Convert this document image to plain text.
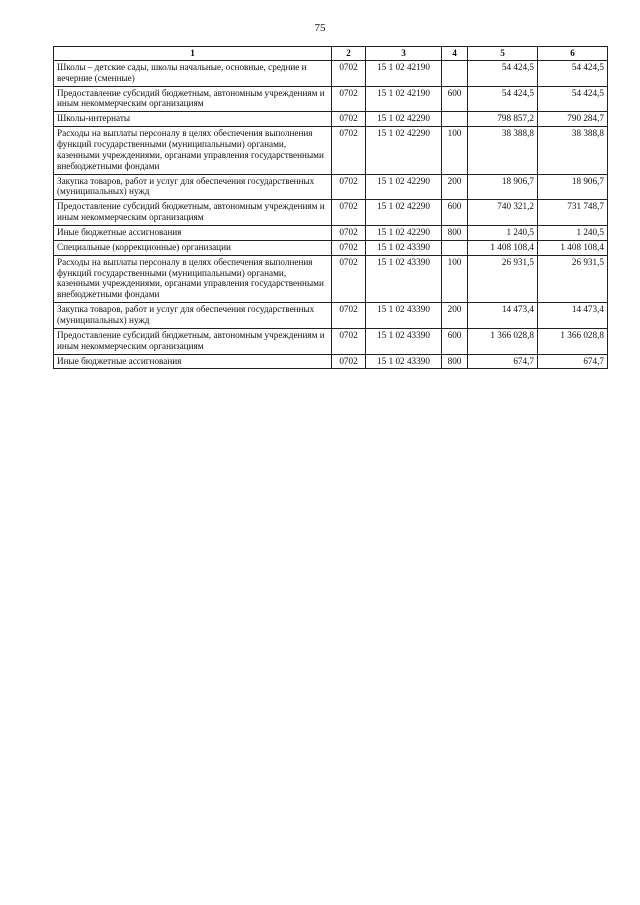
75
1	2	3	4	5	6
Школы – детские сады, школы начальные, основные, средние и вечерние (сменные)	0702	15 1 02 42190		54 424,5	54 424,5
Предоставление субсидий бюджетным, автономным учреждениям и иным некоммерческим организациям	0702	15 1 02 42190	600	54 424,5	54 424,5
Школы-интернаты	0702	15 1 02 42290		798 857,2	790 284,7
Расходы на выплаты персоналу в целях обеспечения выполнения функций государственными (муниципальными) органами, казенными учреждениями, органами управления государственными внебюджетными фондами	0702	15 1 02 42290	100	38 388,8	38 388,8
Закупка товаров, работ и услуг для обеспечения государственных (муниципальных) нужд	0702	15 1 02 42290	200	18 906,7	18 906,7
Предоставление субсидий бюджетным, автономным учреждениям и иным некоммерческим организациям	0702	15 1 02 42290	600	740 321,2	731 748,7
Иные бюджетные ассигнования	0702	15 1 02 42290	800	1 240,5	1 240,5
Специальные (коррекционные) организации	0702	15 1 02 43390		1 408 108,4	1 408 108,4
Расходы на выплаты персоналу в целях обеспечения выполнения функций государственными (муниципальными) органами, казенными учреждениями, органами управления государственными внебюджетными фондами	0702	15 1 02 43390	100	26 931,5	26 931,5
Закупка товаров, работ и услуг для обеспечения государственных (муниципальных) нужд	0702	15 1 02 43390	200	14 473,4	14 473,4
Предоставление субсидий бюджетным, автономным учреждениям и иным некоммерческим организациям	0702	15 1 02 43390	600	1 366 028,8	1 366 028,8
Иные бюджетные ассигнования	0702	15 1 02 43390	800	674,7	674,7
